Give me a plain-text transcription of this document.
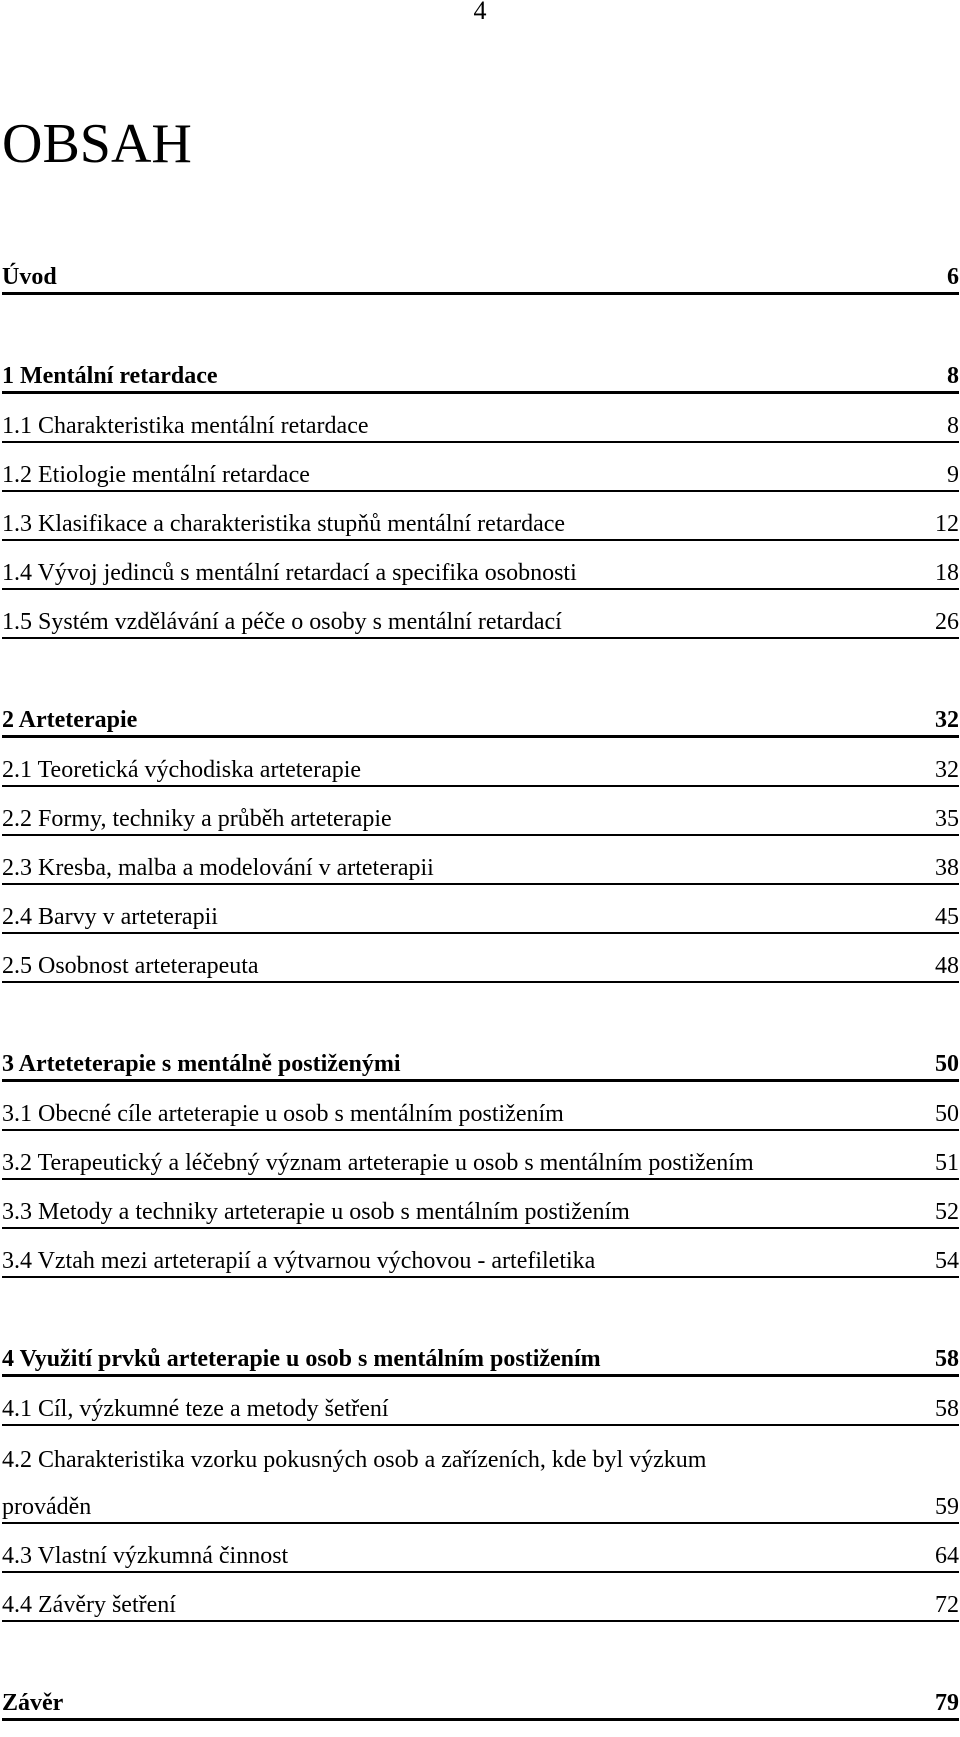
4
OBSAH
Úvod	6
1 Mentální retardace	8
1.1 Charakteristika mentální retardace	8
1.2 Etiologie mentální retardace	9
1.3 Klasifikace a charakteristika stupňů mentální retardace	12
1.4 Vývoj jedinců s mentální retardací a specifika osobnosti	18
1.5 Systém vzdělávání a péče o osoby s mentální retardací	26
2 Arteterapie	32
2.1 Teoretická východiska arteterapie	32
2.2 Formy, techniky a průběh arteterapie	35
2.3 Kresba, malba a modelování v arteterapii	38
2.4 Barvy v arteterapii	45
2.5 Osobnost arteterapeuta	48
3 Arteteterapie s mentálně postiženými	50
3.1 Obecné cíle arteterapie u osob s mentálním postižením	50
3.2 Terapeutický a léčebný význam arteterapie u osob s mentálním postižením	51
3.3 Metody a techniky arteterapie u osob s mentálním postižením	52
3.4 Vztah mezi arteterapií a výtvarnou výchovou - artefiletika	54
4 Využití prvků arteterapie u osob s mentálním postižením	58
4.1 Cíl, výzkumné teze a metody šetření	58
4.2 Charakteristika vzorku pokusných osob a zařízeních, kde byl výzkum
prováděn	59
4.3 Vlastní výzkumná činnost	64
4.4 Závěry šetření	72
Závěr	79
